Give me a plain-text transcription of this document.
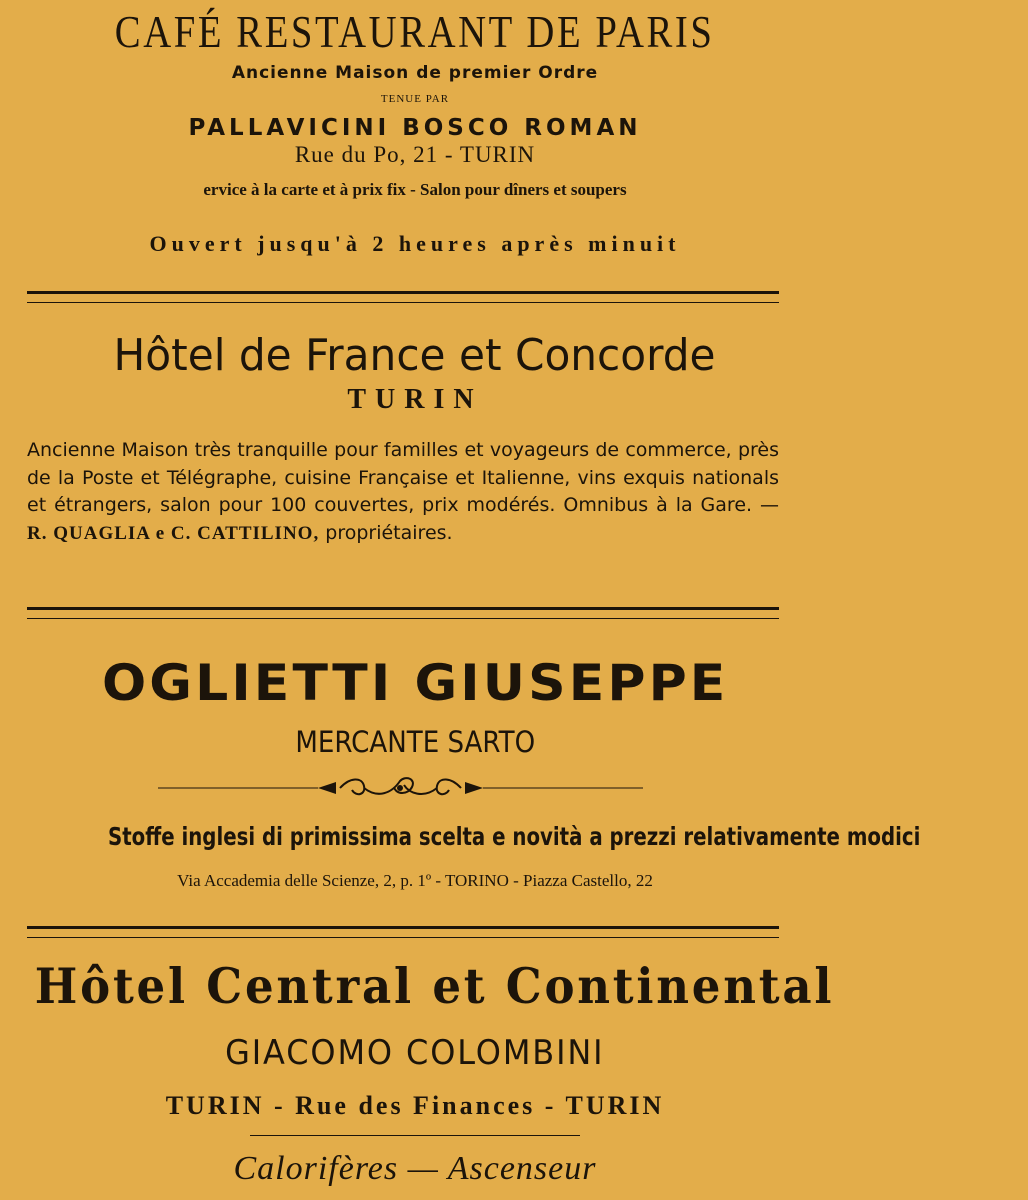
CAFÉ RESTAURANT DE PARIS
Ancienne Maison de premier Ordre
TENUE PAR
PALLAVICINI BOSCO ROMAN
Rue du Po, 21 - TURIN
ervice à la carte et à prix fix - Salon pour dîners et soupers
Ouvert jusqu'à 2 heures après minuit
Hôtel de France et Concorde
TURIN
Ancienne Maison très tranquille pour familles et voyageurs de commerce, près de la Poste et Télégraphe, cuisine Française et Italienne, vins exquis nationals et étrangers, salon pour 100 couvertes, prix modérés. Omnibus à la Gare. — R. QUAGLIA e C. CATTILINO, propriétaires.
OGLIETTI GIUSEPPE
MERCANTE SARTO
Stoffe inglesi di primissima scelta e novità a prezzi relativamente modici
Via Accademia delle Scienze, 2, p. 1º - TORINO - Piazza Castello, 22
Hôtel Central et Continental
GIACOMO COLOMBINI
TURIN - Rue des Finances - TURIN
Calorifères — Ascenseur
